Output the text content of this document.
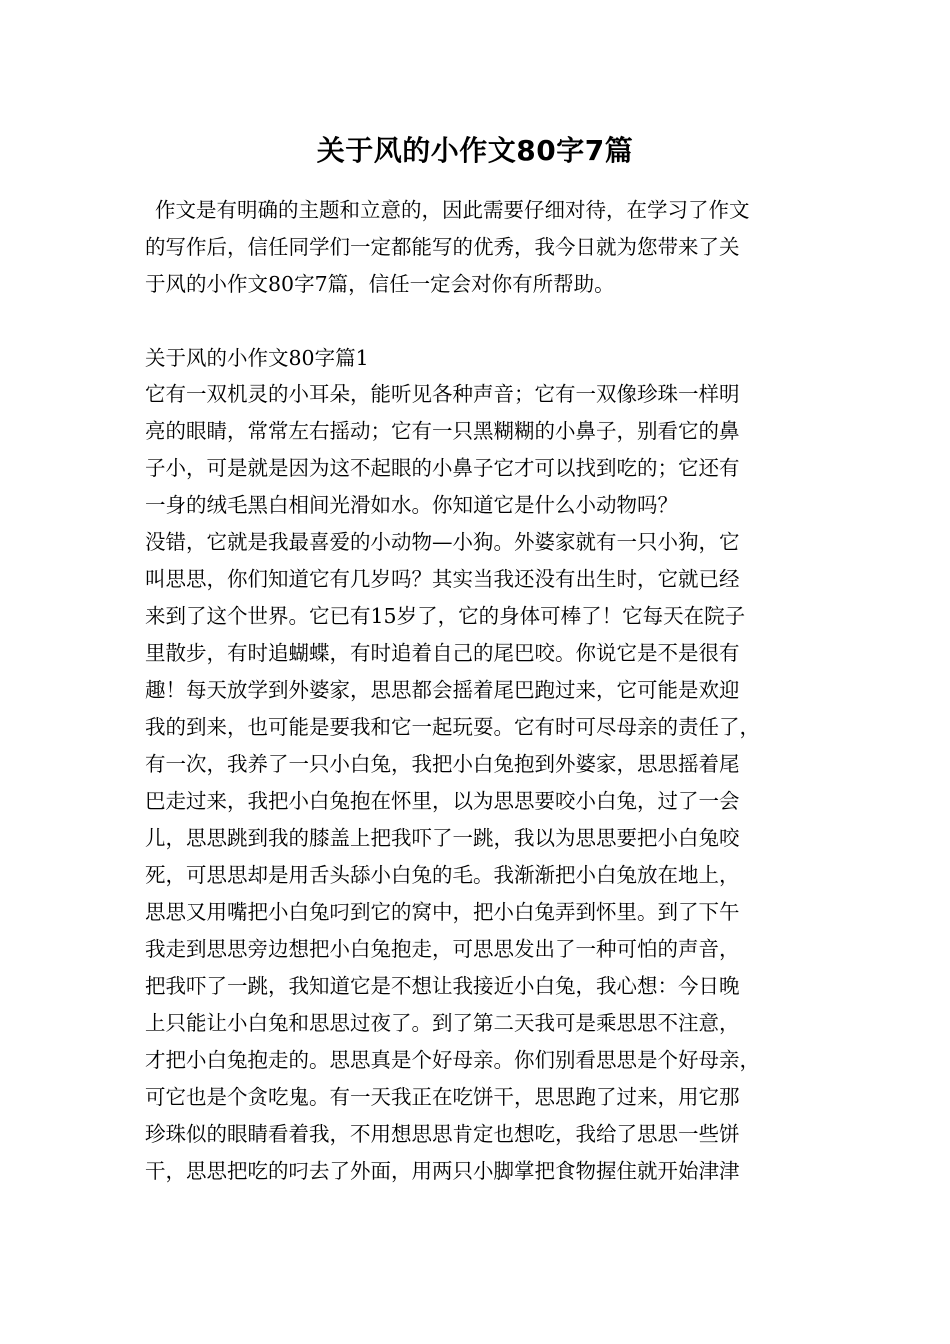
关于风的小作文80字7篇
作文是有明确的主题和立意的，因此需要仔细对待，在学习了作文
的写作后，信任同学们一定都能写的优秀，我今日就为您带来了关
于风的小作文80字7篇，信任一定会对你有所帮助。
关于风的小作文80字篇1
它有一双机灵的小耳朵，能听见各种声音；它有一双像珍珠一样明
亮的眼睛，常常左右摇动；它有一只黑糊糊的小鼻子，别看它的鼻
子小，可是就是因为这不起眼的小鼻子它才可以找到吃的；它还有
一身的绒毛黑白相间光滑如水。你知道它是什么小动物吗？
没错，它就是我最喜爱的小动物—小狗。外婆家就有一只小狗，它
叫思思，你们知道它有几岁吗？其实当我还没有出生时，它就已经
来到了这个世界。它已有15岁了，它的身体可棒了！它每天在院子
里散步，有时追蝴蝶，有时追着自己的尾巴咬。你说它是不是很有
趣！每天放学到外婆家，思思都会摇着尾巴跑过来，它可能是欢迎
我的到来，也可能是要我和它一起玩耍。它有时可尽母亲的责任了，
有一次，我养了一只小白兔，我把小白兔抱到外婆家，思思摇着尾
巴走过来，我把小白兔抱在怀里，以为思思要咬小白兔，过了一会
儿，思思跳到我的膝盖上把我吓了一跳，我以为思思要把小白兔咬
死，可思思却是用舌头舔小白兔的毛。我渐渐把小白兔放在地上，
思思又用嘴把小白兔叼到它的窝中，把小白兔弄到怀里。到了下午
我走到思思旁边想把小白兔抱走，可思思发出了一种可怕的声音，
把我吓了一跳，我知道它是不想让我接近小白兔，我心想：今日晚
上只能让小白兔和思思过夜了。到了第二天我可是乘思思不注意，
才把小白兔抱走的。思思真是个好母亲。你们别看思思是个好母亲，
可它也是个贪吃鬼。有一天我正在吃饼干，思思跑了过来，用它那
珍珠似的眼睛看着我，不用想思思肯定也想吃，我给了思思一些饼
干，思思把吃的叼去了外面，用两只小脚掌把食物握住就开始津津
